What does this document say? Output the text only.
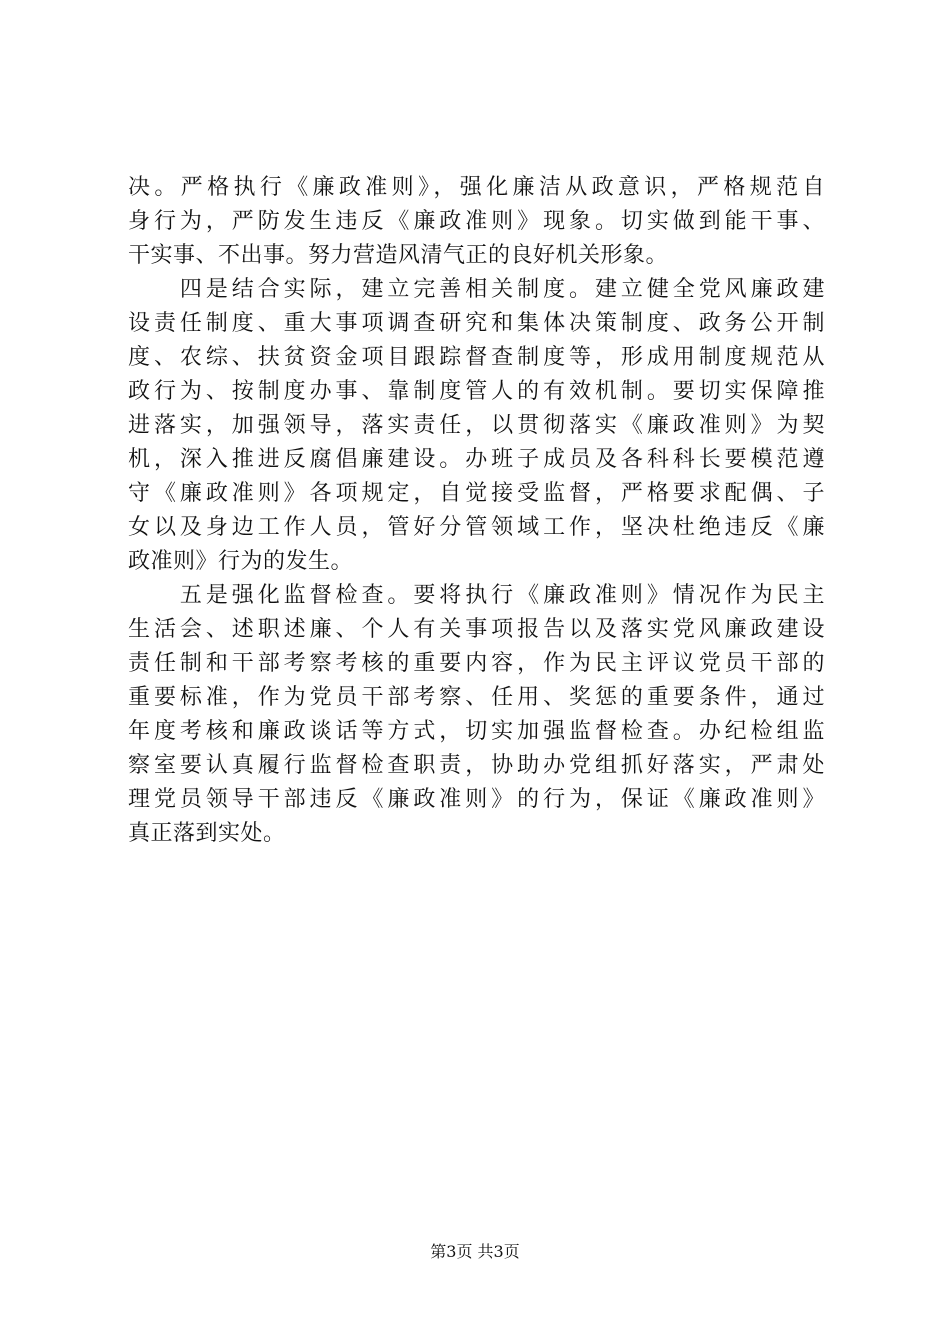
决。严格执行《廉政准则》，强化廉洁从政意识，严格规范自
身行为，严防发生违反《廉政准则》现象。切实做到能干事、
干实事、不出事。努力营造风清气正的良好机关形象。
　　四是结合实际，建立完善相关制度。建立健全党风廉政建
设责任制度、重大事项调查研究和集体决策制度、政务公开制
度、农综、扶贫资金项目跟踪督查制度等，形成用制度规范从
政行为、按制度办事、靠制度管人的有效机制。要切实保障推
进落实，加强领导，落实责任，以贯彻落实《廉政准则》为契
机，深入推进反腐倡廉建设。办班子成员及各科科长要模范遵
守《廉政准则》各项规定，自觉接受监督，严格要求配偶、子
女以及身边工作人员，管好分管领域工作，坚决杜绝违反《廉
政准则》行为的发生。
　　五是强化监督检查。要将执行《廉政准则》情况作为民主
生活会、述职述廉、个人有关事项报告以及落实党风廉政建设
责任制和干部考察考核的重要内容，作为民主评议党员干部的
重要标准，作为党员干部考察、任用、奖惩的重要条件，通过
年度考核和廉政谈话等方式，切实加强监督检查。办纪检组监
察室要认真履行监督检查职责，协助办党组抓好落实，严肃处
理党员领导干部违反《廉政准则》的行为，保证《廉政准则》
真正落到实处。
第3页 共3页
